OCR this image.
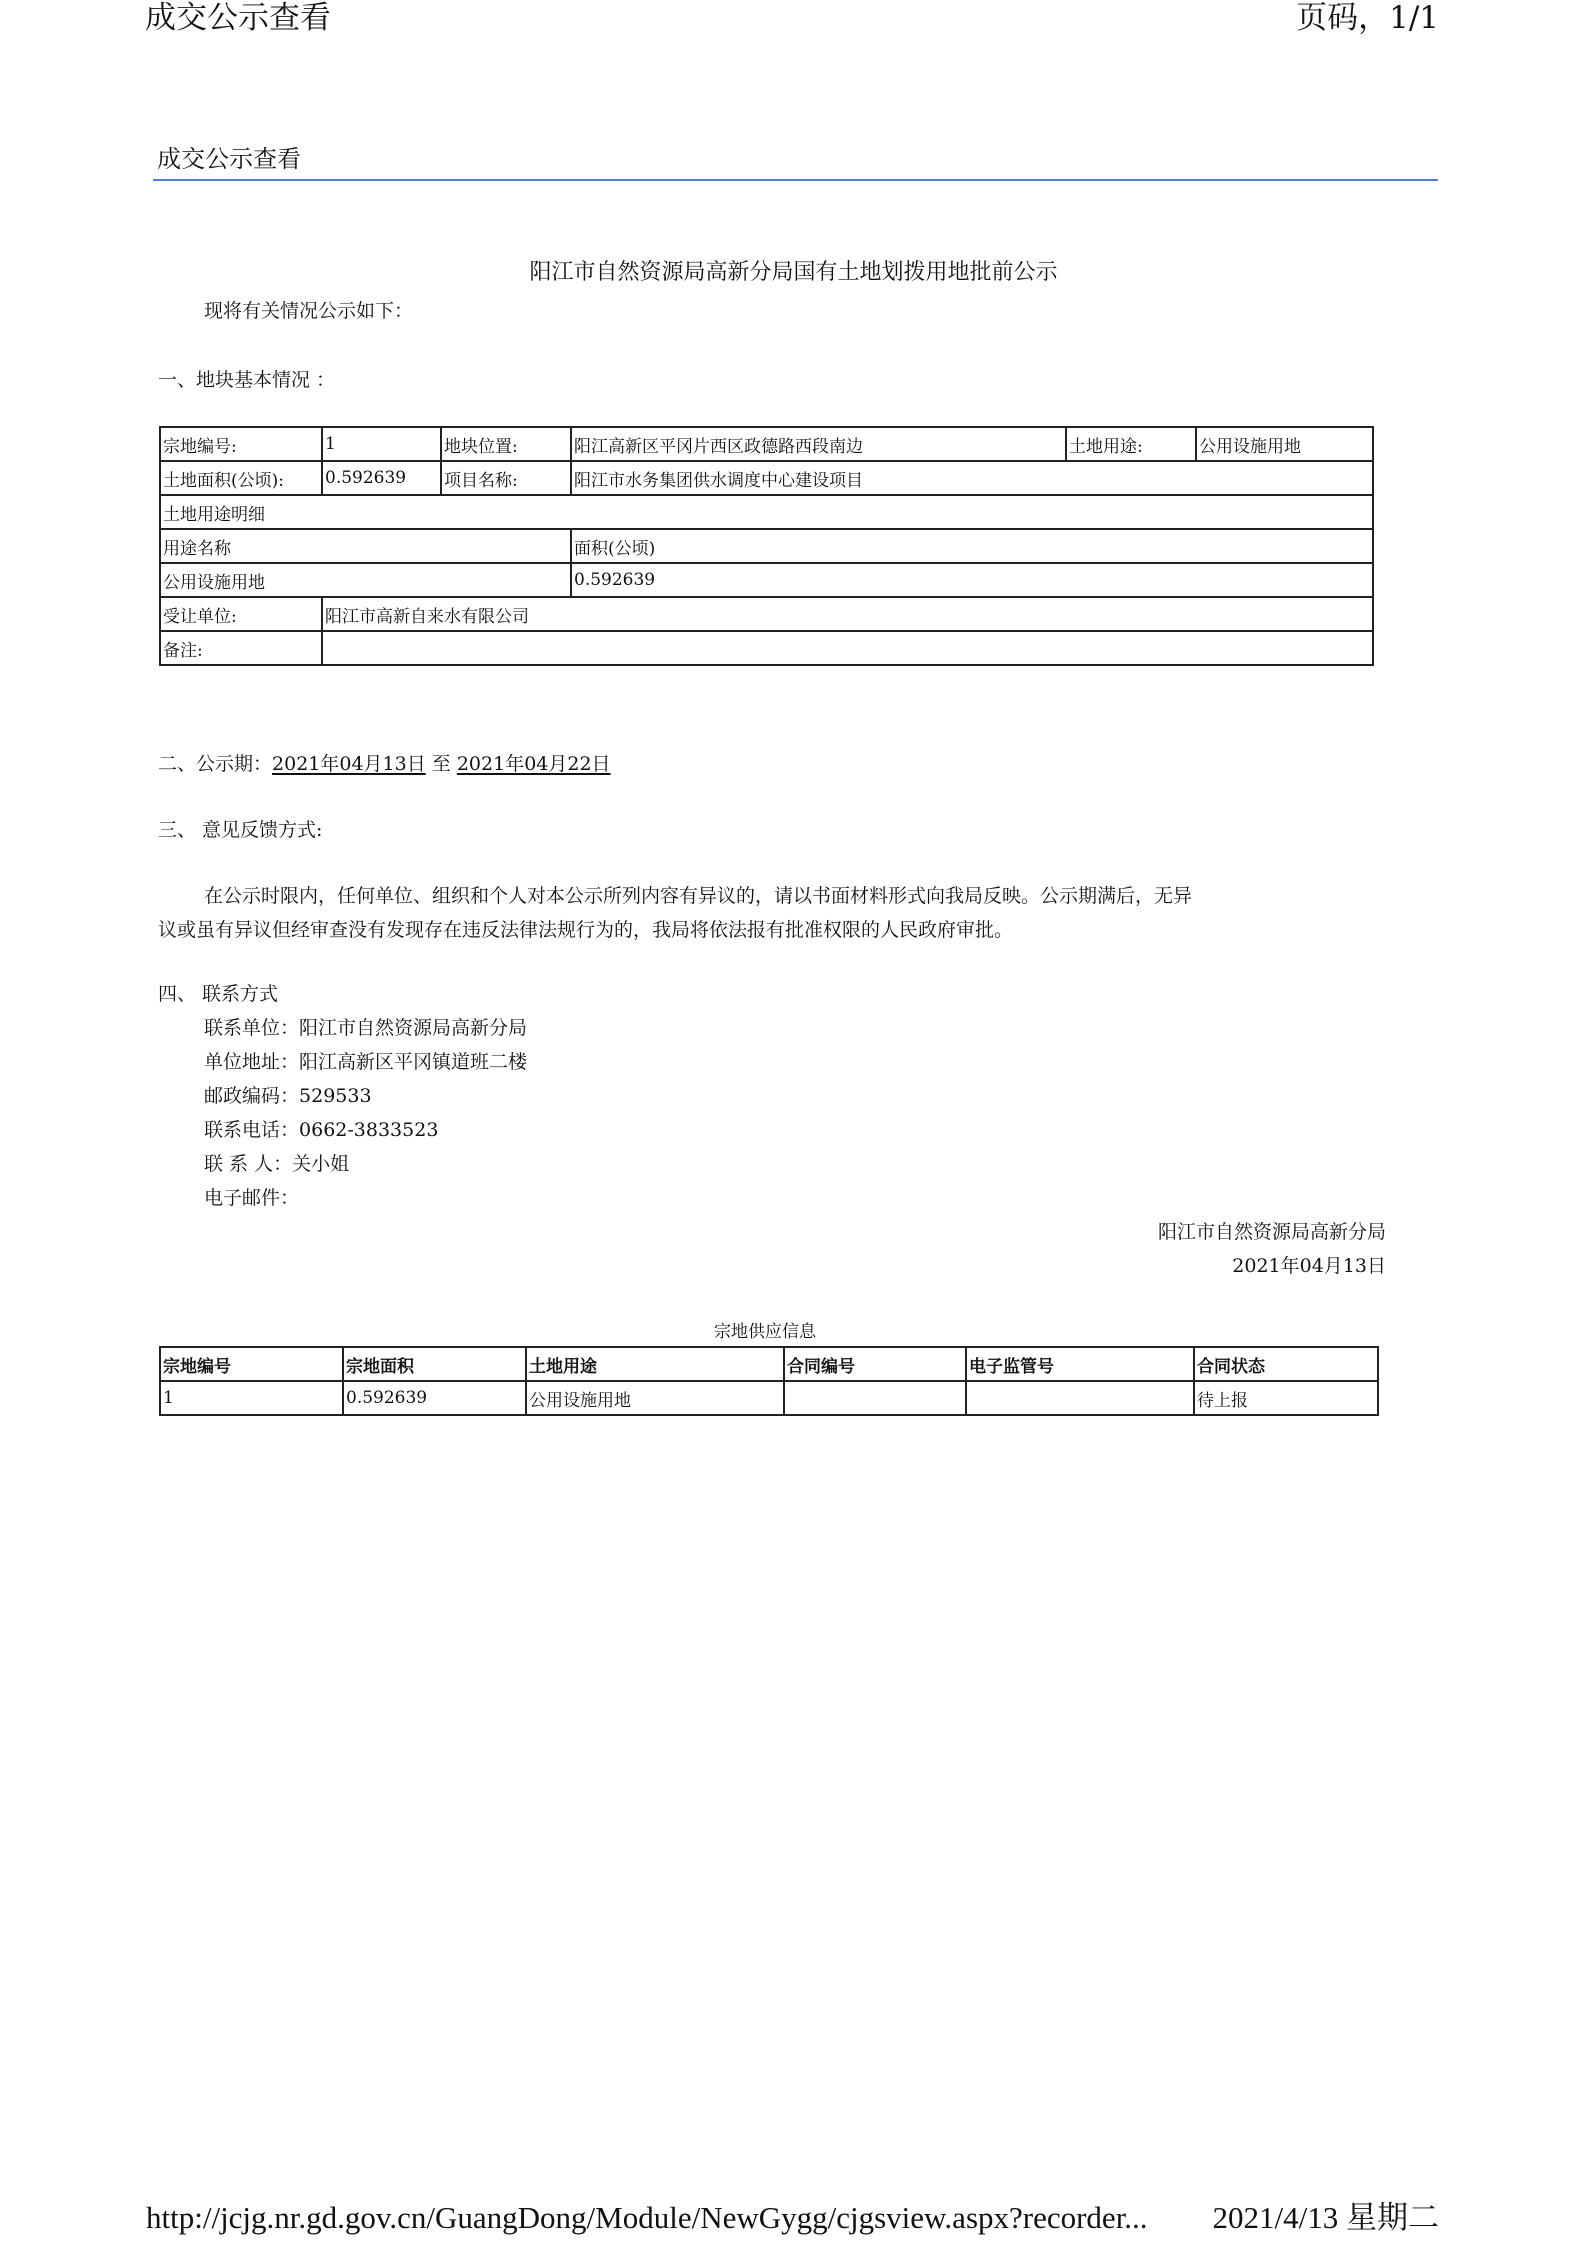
成交公示查看	页码，1/1
成交公示查看
阳江市自然资源局高新分局国有土地划拨用地批前公示
现将有关情况公示如下：
一、地块基本情况 ：
宗地编号:	1	地块位置:	阳江高新区平冈片西区政德路西段南边	土地用途:	公用设施用地
土地面积(公顷):	0.592639	项目名称:	阳江市水务集团供水调度中心建设项目		
土地用途明细					
用途名称			面积(公顷)		
公用设施用地			0.592639		
受让单位:	阳江市高新自来水有限公司				
备注:					
二、公示期：2021年04月13日 至 2021年04月22日
三、 意见反馈方式:
在公示时限内，任何单位、组织和个人对本公示所列内容有异议的，请以书面材料形式向我局反映。公示期满后，无异
议或虽有异议但经审查没有发现存在违反法律法规行为的，我局将依法报有批准权限的人民政府审批。
四、 联系方式
联系单位：阳江市自然资源局高新分局
单位地址：阳江高新区平冈镇道班二楼
邮政编码：529533
联系电话：0662-3833523
联 系 人：关小姐
电子邮件：
阳江市自然资源局高新分局
2021年04月13日
宗地供应信息
宗地编号	宗地面积	土地用途	合同编号	电子监管号	合同状态
1	0.592639	公用设施用地			待上报
http://jcjg.nr.gd.gov.cn/GuangDong/Module/NewGygg/cjgsview.aspx?recorder... 2021/4/13 星期二
